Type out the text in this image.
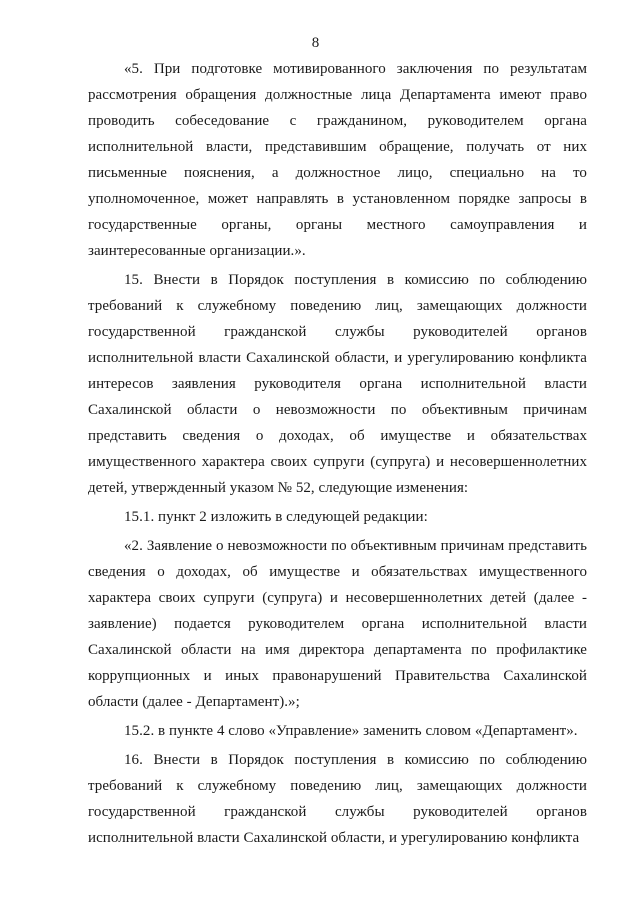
8

«5. При подготовке мотивированного заключения по результатам рассмотрения обращения должностные лица Департамента имеют право проводить собеседование с гражданином, руководителем органа исполнительной власти, представившим обращение, получать от них письменные пояснения, а должностное лицо, специально на то уполномоченное, может направлять в установленном порядке запросы в государственные органы, органы местного самоуправления и заинтересованные организации.».

15. Внести в Порядок поступления в комиссию по соблюдению требований к служебному поведению лиц, замещающих должности государственной гражданской службы руководителей органов исполнительной власти Сахалинской области, и урегулированию конфликта интересов заявления руководителя органа исполнительной власти Сахалинской области о невозможности по объективным причинам представить сведения о доходах, об имуществе и обязательствах имущественного характера своих супруги (супруга) и несовершеннолетних детей, утвержденный указом № 52, следующие изменения:

15.1. пункт 2 изложить в следующей редакции:

«2. Заявление о невозможности по объективным причинам представить сведения о доходах, об имуществе и обязательствах имущественного характера своих супруги (супруга) и несовершеннолетних детей (далее - заявление) подается руководителем органа исполнительной власти Сахалинской области на имя директора департамента по профилактике коррупционных и иных правонарушений Правительства Сахалинской области (далее - Департамент).»;

15.2. в пункте 4 слово «Управление» заменить словом «Департамент».

16. Внести в Порядок поступления в комиссию по соблюдению требований к служебному поведению лиц, замещающих должности государственной гражданской службы руководителей органов исполнительной власти Сахалинской области, и урегулированию конфликта
